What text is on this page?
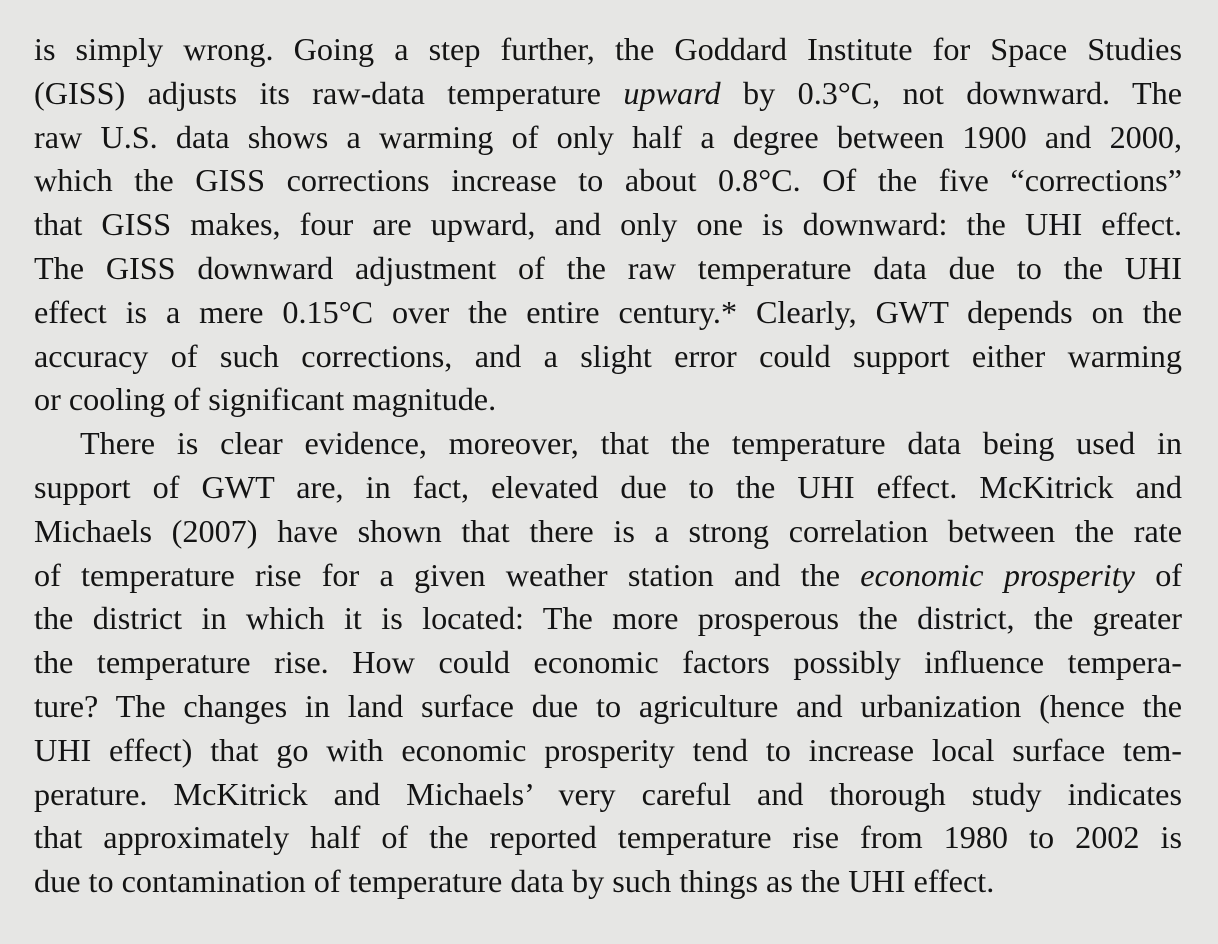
is simply wrong. Going a step further, the Goddard Institute for Space Studies
(GISS) adjusts its raw-data temperature upward by 0.3°C, not downward. The
raw U.S. data shows a warming of only half a degree between 1900 and 2000,
which the GISS corrections increase to about 0.8°C. Of the five “corrections”
that GISS makes, four are upward, and only one is downward: the UHI effect.
The GISS downward adjustment of the raw temperature data due to the UHI
effect is a mere 0.15°C over the entire century.* Clearly, GWT depends on the
accuracy of such corrections, and a slight error could support either warming
or cooling of significant magnitude.
There is clear evidence, moreover, that the temperature data being used in
support of GWT are, in fact, elevated due to the UHI effect. McKitrick and
Michaels (2007) have shown that there is a strong correlation between the rate
of temperature rise for a given weather station and the economic prosperity of
the district in which it is located: The more prosperous the district, the greater
the temperature rise. How could economic factors possibly influence tempera-
ture? The changes in land surface due to agriculture and urbanization (hence the
UHI effect) that go with economic prosperity tend to increase local surface tem-
perature. McKitrick and Michaels’ very careful and thorough study indicates
that approximately half of the reported temperature rise from 1980 to 2002 is
due to contamination of temperature data by such things as the UHI effect.
